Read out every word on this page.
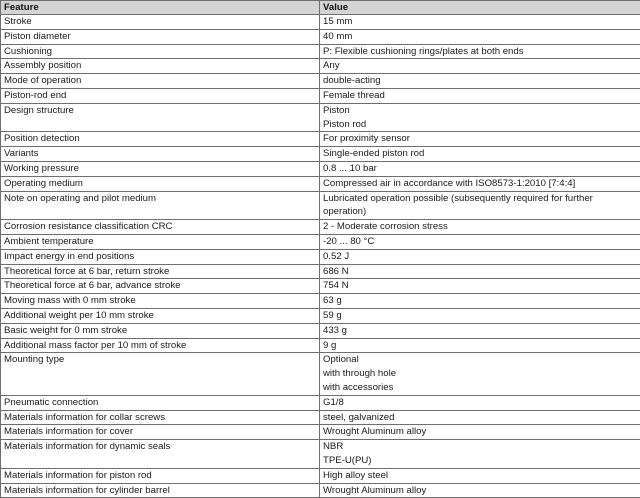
Feature	Value
Stroke	15 mm

Piston diameter	40 mm

Cushioning	P: Flexible cushioning rings/plates at both ends

Assembly position	Any

Mode of operation	double-acting

Piston-rod end	Female thread

Design structure	Piston
Piston rod

Position detection	For proximity sensor

Variants	Single-ended piston rod

Working pressure	0.8 ... 10 bar

Operating medium	Compressed air in accordance with ISO8573-1:2010 [7:4:4]

Note on operating and pilot medium	Lubricated operation possible (subsequently required for further
operation)

Corrosion resistance classification CRC	2 - Moderate corrosion stress

Ambient temperature	-20 ... 80 °C

Impact energy in end positions	0.52 J

Theoretical force at 6 bar, return stroke	686 N

Theoretical force at 6 bar, advance stroke	754 N

Moving mass with 0 mm stroke	63 g

Additional weight per 10 mm stroke	59 g

Basic weight for 0 mm stroke	433 g

Additional mass factor per 10 mm of stroke	9 g

Mounting type	Optional
with through hole
with accessories

Pneumatic connection	G1/8

Materials information for collar screws	steel, galvanized

Materials information for cover	Wrought Aluminum alloy

Materials information for dynamic seals	NBR
TPE-U(PU)

Materials information for piston rod	High alloy steel

Materials information for cylinder barrel	Wrought Aluminum alloy
